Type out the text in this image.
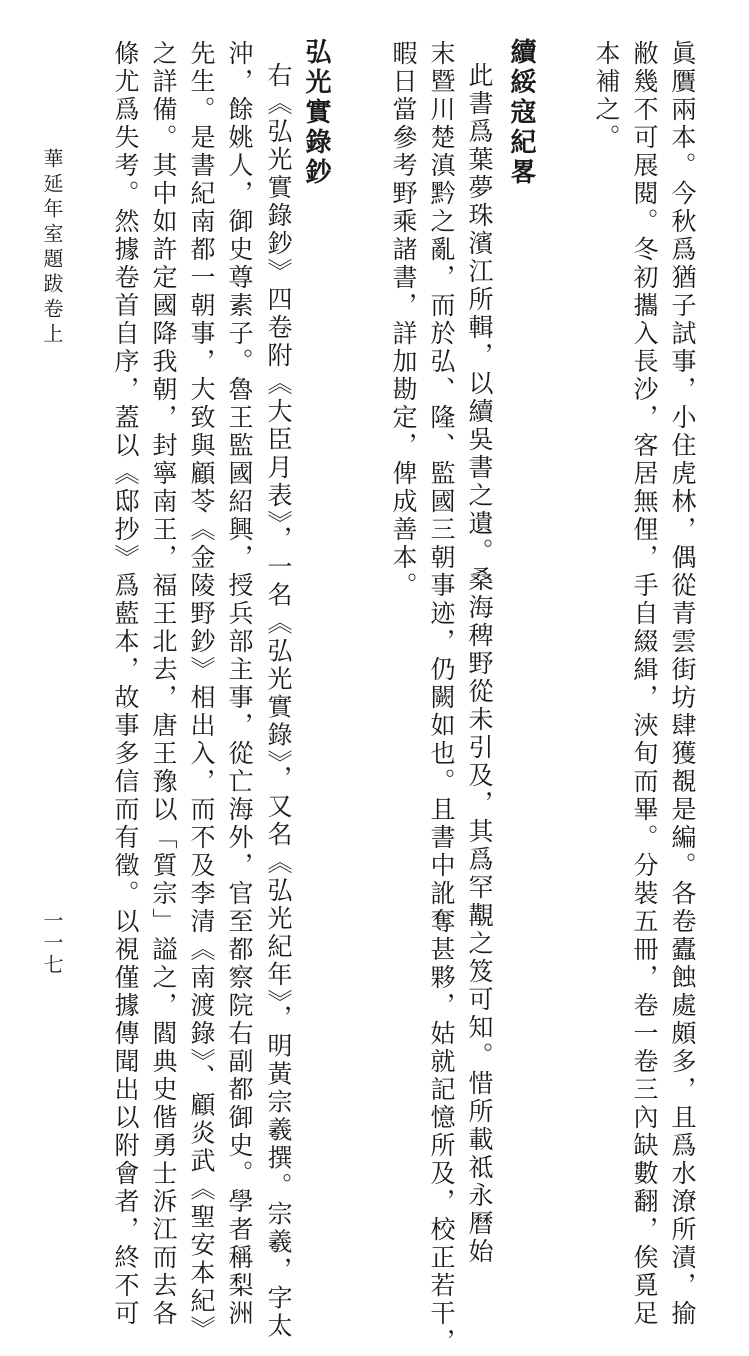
眞贋兩本。今秋爲猶子試事，小住虎林，偶從青雲街坊肆獲覩是編。各卷蠹蝕處頗多，且爲水潦所漬，揄
敝幾不可展閱。冬初攜入長沙，客居無俚，手自綴緝，浹旬而畢。分裝五冊，卷一卷三內缺數翻，俟覓足
本補之。
續綏寇紀畧
此書爲葉夢珠濱江所輯，以續吳書之遺。桑海稗野從未引及，其爲罕覯之笈可知。惜所載祗永曆始
末暨川楚滇黔之亂，而於弘、隆、監國三朝事迹，仍闕如也。且書中訛奪甚夥，姑就記憶所及，校正若干，
暇日當參考野乘諸書，詳加勘定，俾成善本。
弘光實錄鈔
右《弘光實錄鈔》四卷附《大臣月表》，一名《弘光實錄》，又名《弘光紀年》，明黃宗羲撰。宗羲，字太
沖，餘姚人，御史尊素子。魯王監國紹興，授兵部主事，從亡海外，官至都察院右副都御史。學者稱梨洲
先生。是書紀南都一朝事，大致與顧苓《金陵野鈔》相出入，而不及李清《南渡錄》、顧炎武《聖安本紀》
之詳備。其中如許定國降我朝，封寧南王，福王北去，唐王豫以「質宗」謚之，閻典史偕勇士泝江而去各
條尤爲失考。然據卷首自序，蓋以《邸抄》爲藍本，故事多信而有徵。以視僅據傳聞出以附會者，終不可
華延年室題跋卷上
一一七
